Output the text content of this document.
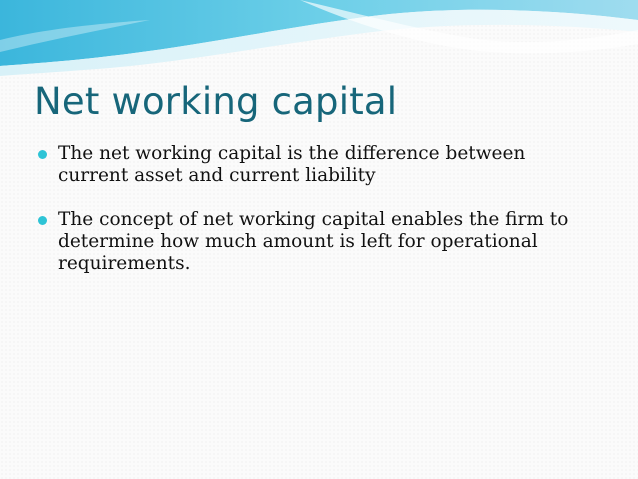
Net working capital
The net working capital is the difference between current asset and current liability
The concept of net working capital enables the firm to determine how much amount is left for operational requirements.
